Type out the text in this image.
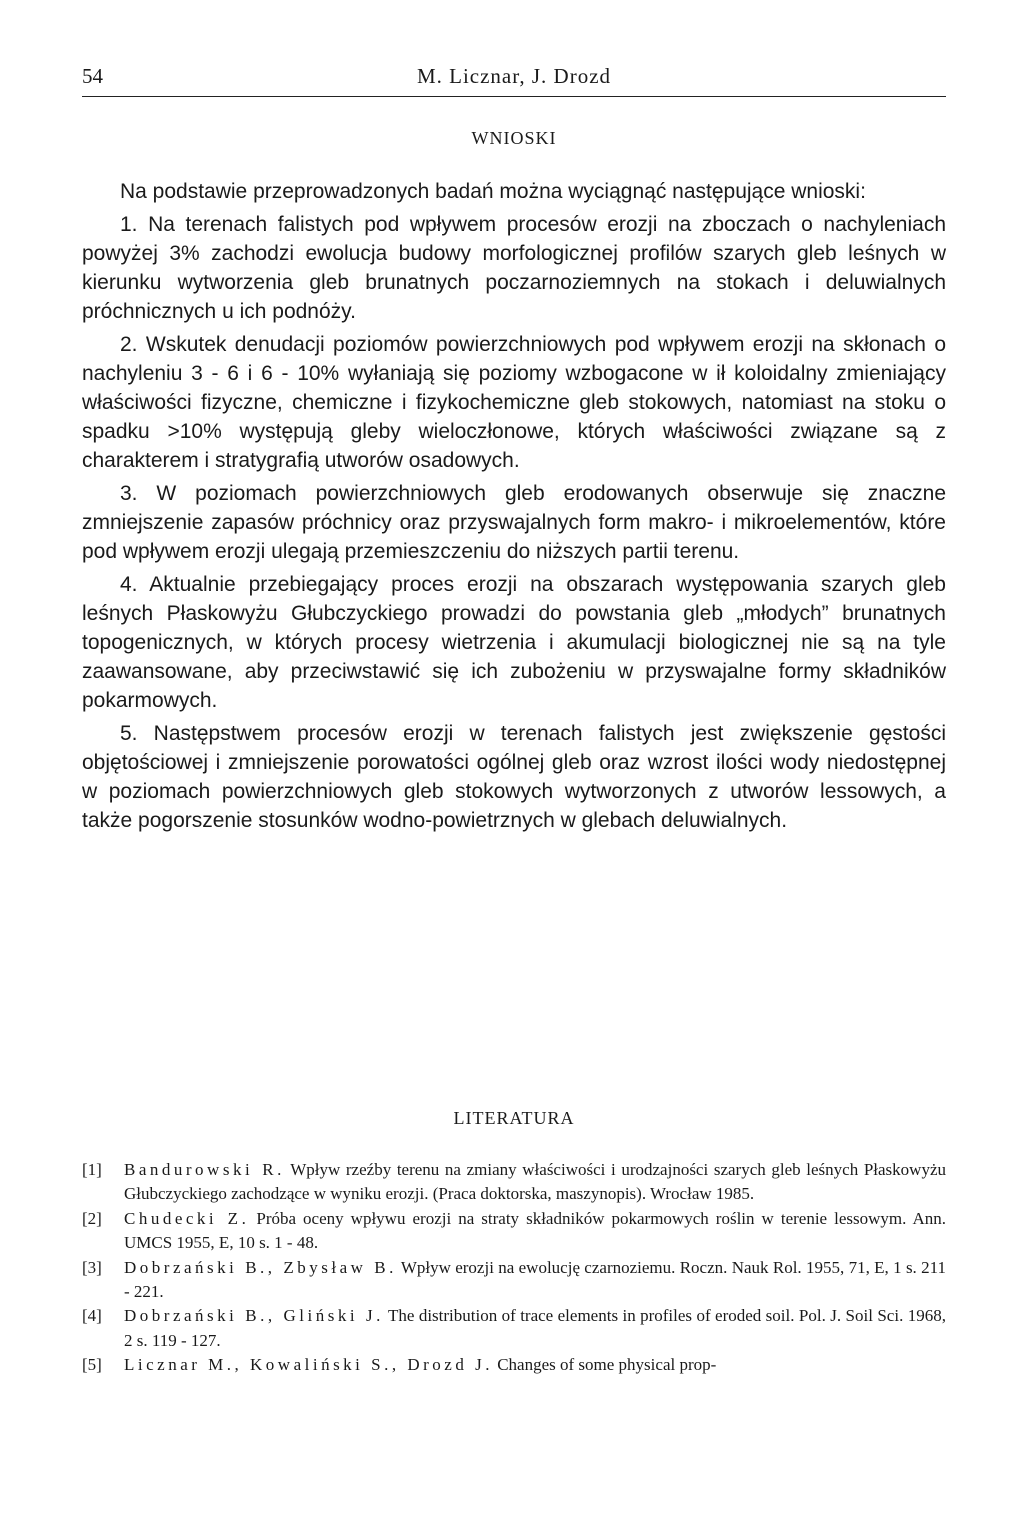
54	M. Licznar, J. Drozd
WNIOSKI

Na podstawie przeprowadzonych badań można wyciągnąć następujące wnioski:

1. Na terenach falistych pod wpływem procesów erozji na zboczach o nachyleniach powyżej 3% zachodzi ewolucja budowy morfologicznej profilów szarych gleb leśnych w kierunku wytworzenia gleb brunatnych poczarnoziemnych na stokach i deluwialnych próchnicznych u ich podnóży.

2. Wskutek denudacji poziomów powierzchniowych pod wpływem erozji na skłonach o nachyleniu 3 - 6 i 6 - 10% wyłaniają się poziomy wzbogacone w ił koloidalny zmieniający właściwości fizyczne, chemiczne i fizykochemiczne gleb stokowych, natomiast na stoku o spadku >10% występują gleby wieloczłonowe, których właściwości związane są z charakterem i stratygrafią utworów osadowych.

3. W poziomach powierzchniowych gleb erodowanych obserwuje się znaczne zmniejszenie zapasów próchnicy oraz przyswajalnych form makro- i mikroelementów, które pod wpływem erozji ulegają przemieszczeniu do niższych partii terenu.

4. Aktualnie przebiegający proces erozji na obszarach występowania szarych gleb leśnych Płaskowyżu Głubczyckiego prowadzi do powstania gleb „młodych” brunatnych topogenicznych, w których procesy wietrzenia i akumulacji biologicznej nie są na tyle zaawansowane, aby przeciwstawić się ich zubożeniu w przyswajalne formy składników pokarmowych.

5. Następstwem procesów erozji w terenach falistych jest zwiększenie gęstości objętościowej i zmniejszenie porowatości ogólnej gleb oraz wzrost ilości wody niedostępnej w poziomach powierzchniowych gleb stokowych wytworzonych z utworów lessowych, a także pogorszenie stosunków wodno-powietrznych w glebach deluwialnych.

LITERATURA
[1]	Bandurowski R. Wpływ rzeźby terenu na zmiany właściwości i urodzajności szarych gleb leśnych Płaskowyżu Głubczyckiego zachodzące w wyniku erozji. (Praca doktorska, maszynopis). Wrocław 1985.
[2]	Chudecki Z. Próba oceny wpływu erozji na straty składników pokarmowych roślin w terenie lessowym. Ann. UMCS 1955, E, 10 s. 1 - 48.
[3]	Dobrzański B., Zbysław B. Wpływ erozji na ewolucję czarnoziemu. Roczn. Nauk Rol. 1955, 71, E, 1 s. 211 - 221.
[4]	Dobrzański B., Gliński J. The distribution of trace elements in profiles of eroded soil. Pol. J. Soil Sci. 1968, 2 s. 119 - 127.
[5]	Licznar M., Kowaliński S., Drozd J. Changes of some physical prop-
